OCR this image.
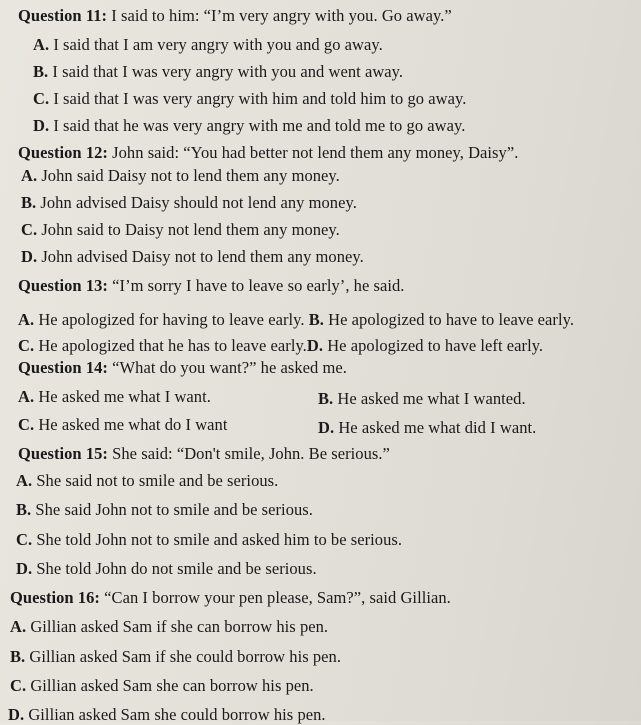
Question 11: I said to him: “I’m very angry with you. Go away.”
A. I said that I am very angry with you and go away.
B. I said that I was very angry with you and went away.
C. I said that I was very angry with him and told him to go away.
D. I said that he was very angry with me and told me to go away.
Question 12: John said: “You had better not lend them any money, Daisy”.
A. John said Daisy not to lend them any money.
B. John advised Daisy should not lend any money.
C. John said to Daisy not lend them any money.
D. John advised Daisy not to lend them any money.
Question 13: “I’m sorry I have to leave so early’, he said.
A. He apologized for having to leave early. B. He apologized to have to leave early.
C. He apologized that he has to leave early.D. He apologized to have left early.
Question 14: “What do you want?” he asked me.
A. He asked me what I want.	B. He asked me what I wanted.
C. He asked me what do I want	D. He asked me what did I want.
Question 15: She said: “Don't smile, John. Be serious.”
A. She said not to smile and be serious.
B. She said John not to smile and be serious.
C. She told John not to smile and asked him to be serious.
D. She told John do not smile and be serious.
Question 16: “Can I borrow your pen please, Sam?”, said Gillian.
A. Gillian asked Sam if she can borrow his pen.
B. Gillian asked Sam if she could borrow his pen.
C. Gillian asked Sam she can borrow his pen.
D. Gillian asked Sam she could borrow his pen.
